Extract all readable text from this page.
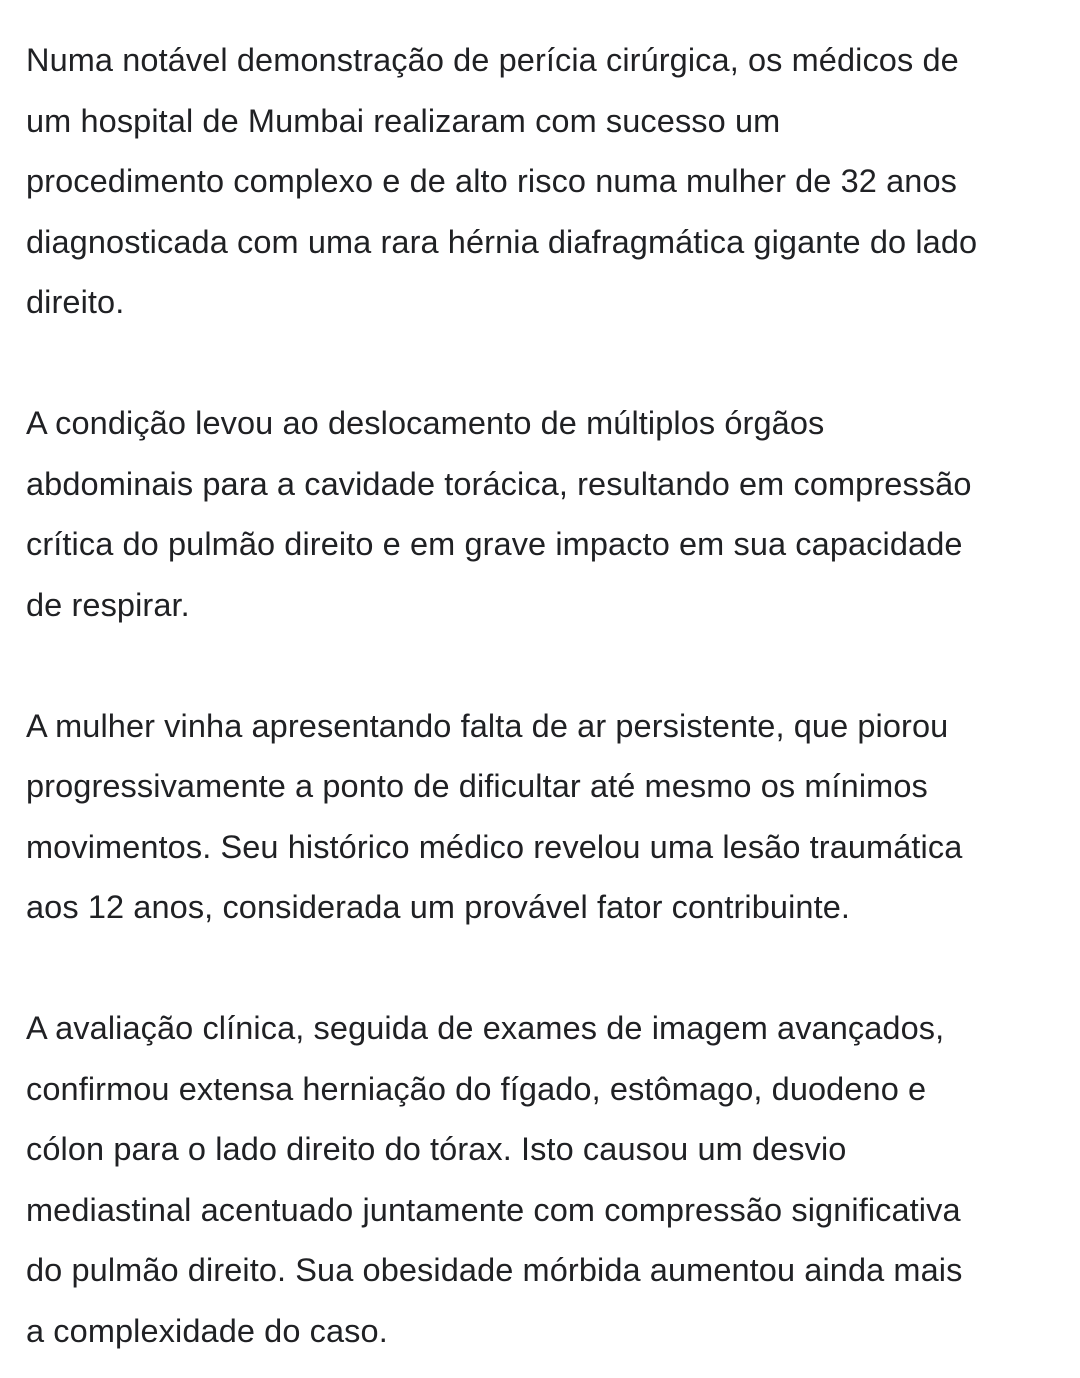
Numa notável demonstração de perícia cirúrgica, os médicos de
um hospital de Mumbai realizaram com sucesso um
procedimento complexo e de alto risco numa mulher de 32 anos
diagnosticada com uma rara hérnia diafragmática gigante do lado
direito.

A condição levou ao deslocamento de múltiplos órgãos
abdominais para a cavidade torácica, resultando em compressão
crítica do pulmão direito e em grave impacto em sua capacidade
de respirar.

A mulher vinha apresentando falta de ar persistente, que piorou
progressivamente a ponto de dificultar até mesmo os mínimos
movimentos. Seu histórico médico revelou uma lesão traumática
aos 12 anos, considerada um provável fator contribuinte.

A avaliação clínica, seguida de exames de imagem avançados,
confirmou extensa herniação do fígado, estômago, duodeno e
cólon para o lado direito do tórax. Isto causou um desvio
mediastinal acentuado juntamente com compressão significativa
do pulmão direito. Sua obesidade mórbida aumentou ainda mais
a complexidade do caso.
